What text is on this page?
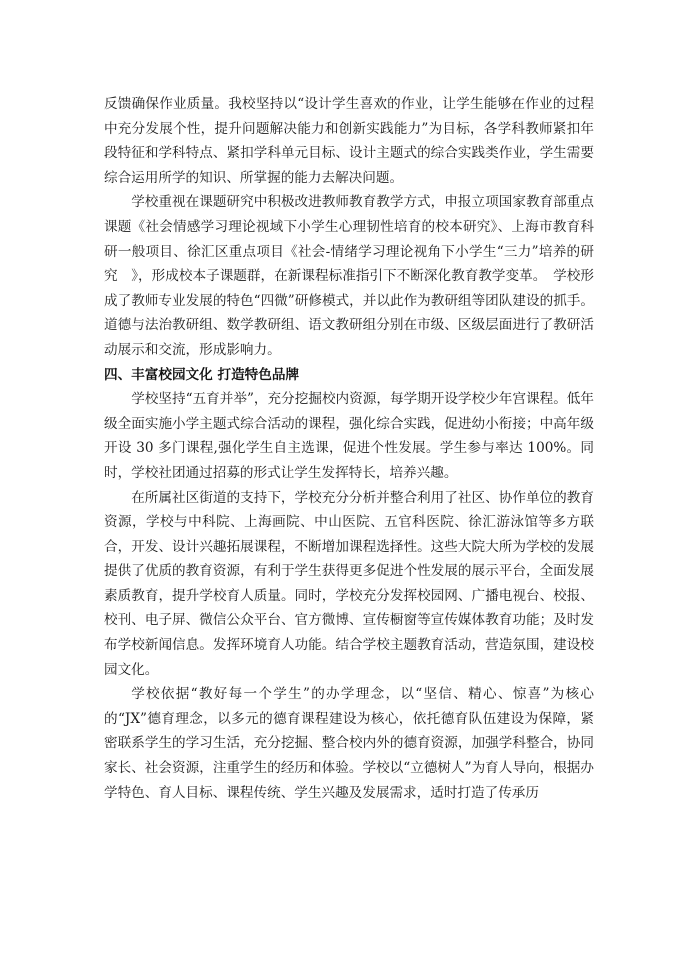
反馈确保作业质量。我校坚持以“设计学生喜欢的作业，让学生能够在作业的过程中充分发展个性，提升问题解决能力和创新实践能力”为目标，各学科教师紧扣年段特征和学科特点、紧扣学科单元目标、设计主题式的综合实践类作业，学生需要综合运用所学的知识、所掌握的能力去解决问题。

学校重视在课题研究中积极改进教师教育教学方式，申报立项国家教育部重点课题《社会情感学习理论视域下小学生心理韧性培育的校本研究》、上海市教育科研一般项目、徐汇区重点项目《社会-情绪学习理论视角下小学生“三力”培养的研究　》，形成校本子课题群，在新课程标准指引下不断深化教育教学变革。　学校形成了教师专业发展的特色“四微”研修模式，并以此作为教研组等团队建设的抓手。道德与法治教研组、数学教研组、语文教研组分别在市级、区级层面进行了教研活动展示和交流，形成影响力。

四、丰富校园文化 打造特色品牌

学校坚持“五育并举”，充分挖掘校内资源，每学期开设学校少年宫课程。低年级全面实施小学主题式综合活动的课程，强化综合实践，促进幼小衔接；中高年级开设 30 多门课程,强化学生自主选课，促进个性发展。学生参与率达 100%。同时，学校社团通过招募的形式让学生发挥特长，培养兴趣。

在所属社区街道的支持下，学校充分分析并整合利用了社区、协作单位的教育资源，学校与中科院、上海画院、中山医院、五官科医院、徐汇游泳馆等多方联合，开发、设计兴趣拓展课程，不断增加课程选择性。这些大院大所为学校的发展提供了优质的教育资源，有利于学生获得更多促进个性发展的展示平台，全面发展素质教育，提升学校育人质量。同时，学校充分发挥校园网、广播电视台、校报、校刊、电子屏、微信公众平台、官方微博、宣传橱窗等宣传媒体教育功能；及时发布学校新闻信息。发挥环境育人功能。结合学校主题教育活动，营造氛围，建设校园文化。

学校依据“教好每一个学生”的办学理念，以“坚信、精心、惊喜”为核心的“JX”德育理念，以多元的德育课程建设为核心，依托德育队伍建设为保障，紧密联系学生的学习生活，充分挖掘、整合校内外的德育资源，加强学科整合，协同家长、社会资源，注重学生的经历和体验。学校以“立德树人”为育人导向，根据办学特色、育人目标、课程传统、学生兴趣及发展需求，适时打造了传承历
